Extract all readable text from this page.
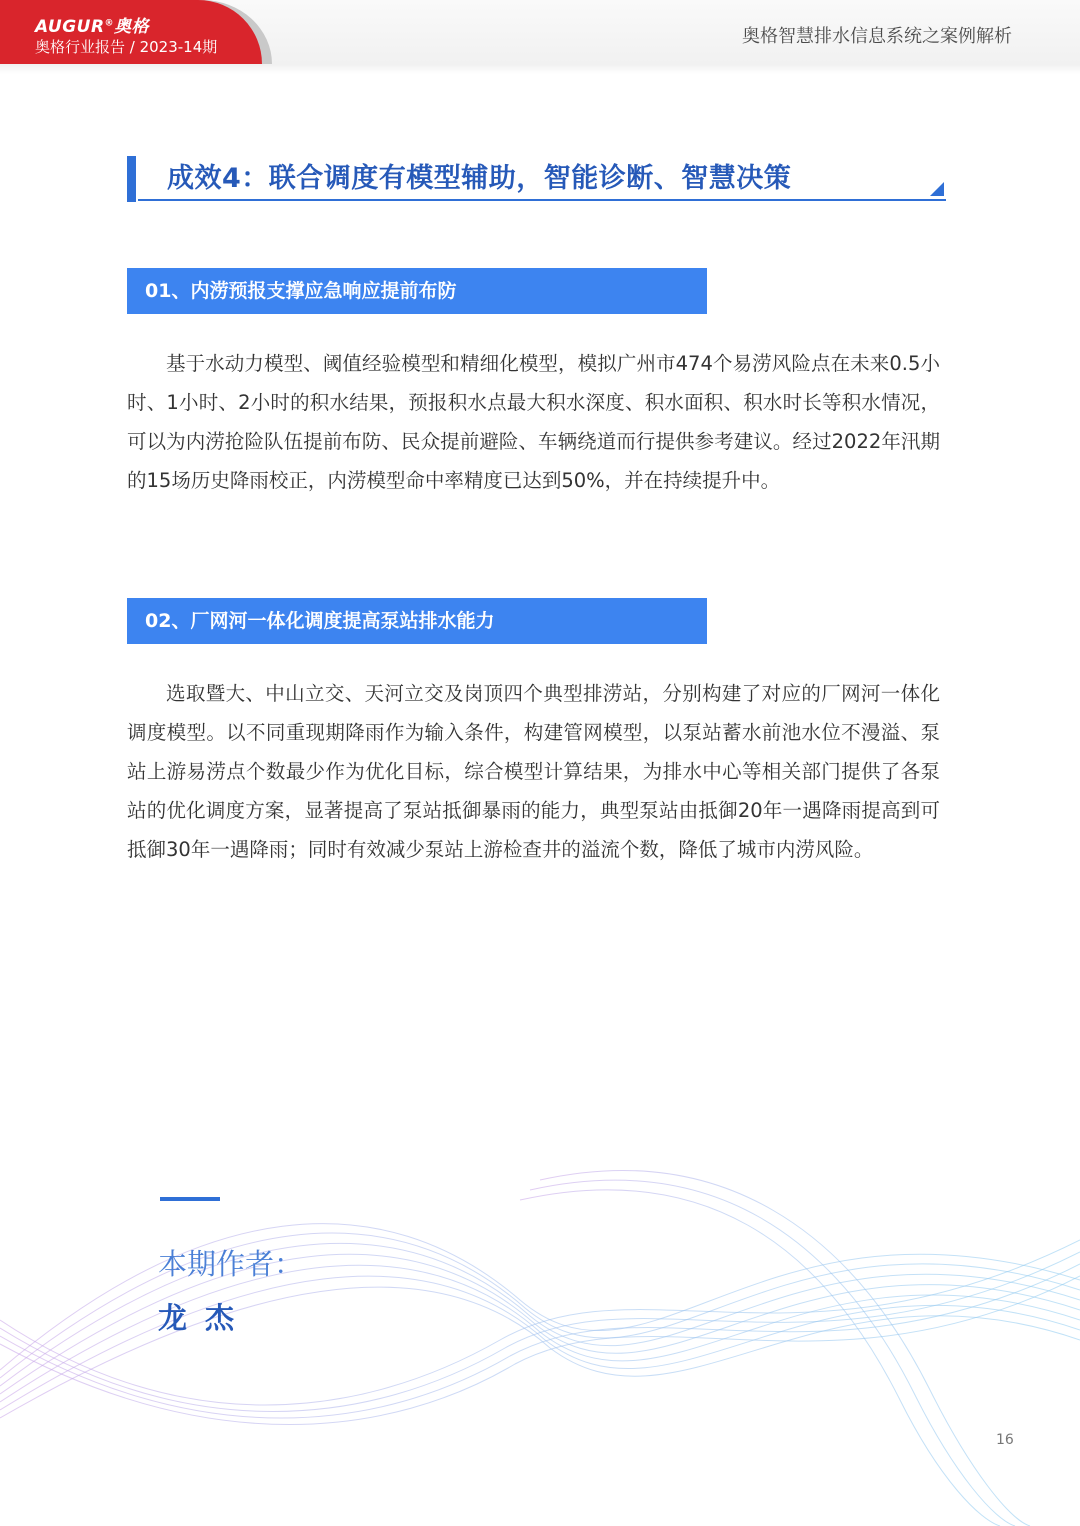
AUGUR®奥格
奥格行业报告 / 2023-14期	奥格智慧排水信息系统之案例解析
成效4：联合调度有模型辅助，智能诊断、智慧决策
01、内涝预报支撑应急响应提前布防

基于水动力模型、阈值经验模型和精细化模型，模拟广州市474个易涝风险点在未来0.5小时、1小时、2小时的积水结果，预报积水点最大积水深度、积水面积、积水时长等积水情况，可以为内涝抢险队伍提前布防、民众提前避险、车辆绕道而行提供参考建议。经过2022年汛期的15场历史降雨校正，内涝模型命中率精度已达到50%，并在持续提升中。

02、厂网河一体化调度提高泵站排水能力

选取暨大、中山立交、天河立交及岗顶四个典型排涝站，分别构建了对应的厂网河一体化调度模型。以不同重现期降雨作为输入条件，构建管网模型，以泵站蓄水前池水位不漫溢、泵站上游易涝点个数最少作为优化目标，综合模型计算结果，为排水中心等相关部门提供了各泵站的优化调度方案，显著提高了泵站抵御暴雨的能力，典型泵站由抵御20年一遇降雨提高到可抵御30年一遇降雨；同时有效减少泵站上游检查井的溢流个数，降低了城市内涝风险。

本期作者：
龙杰
16
